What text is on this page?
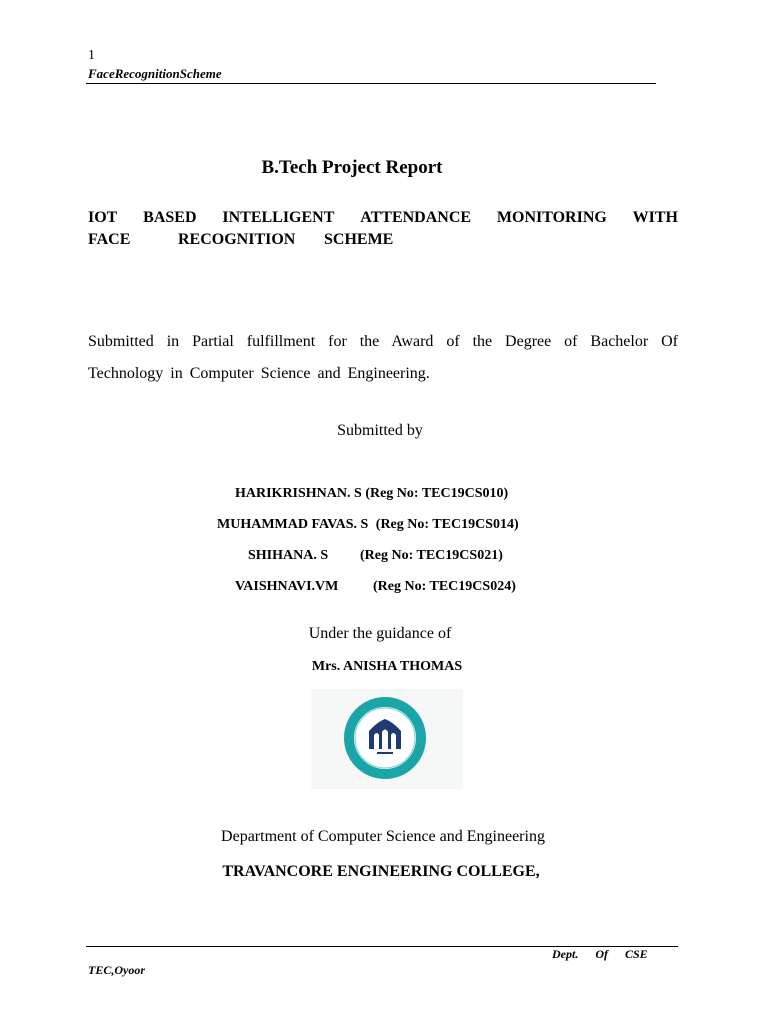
1
FaceRecognitionScheme
B.Tech Project Report
IOT BASED INTELLIGENT ATTENDANCE MONITORING WITH
FACE	RECOGNITION SCHEME
Submitted in Partial fulfillment for the Award of the Degree of Bachelor Of
Technology in Computer Science and Engineering.
Submitted by
HARIKRISHNAN. S (Reg No: TEC19CS010)
MUHAMMAD FAVAS. S (Reg No: TEC19CS014)
SHIHANA. S (Reg No: TEC19CS021)
VAISHNAVI.VM (Reg No: TEC19CS024)
Under the guidance of
Mrs. ANISHA THOMAS
Department of Computer Science and Engineering
TRAVANCORE ENGINEERING COLLEGE,
Dept. Of CSE
TEC,Oyoor
